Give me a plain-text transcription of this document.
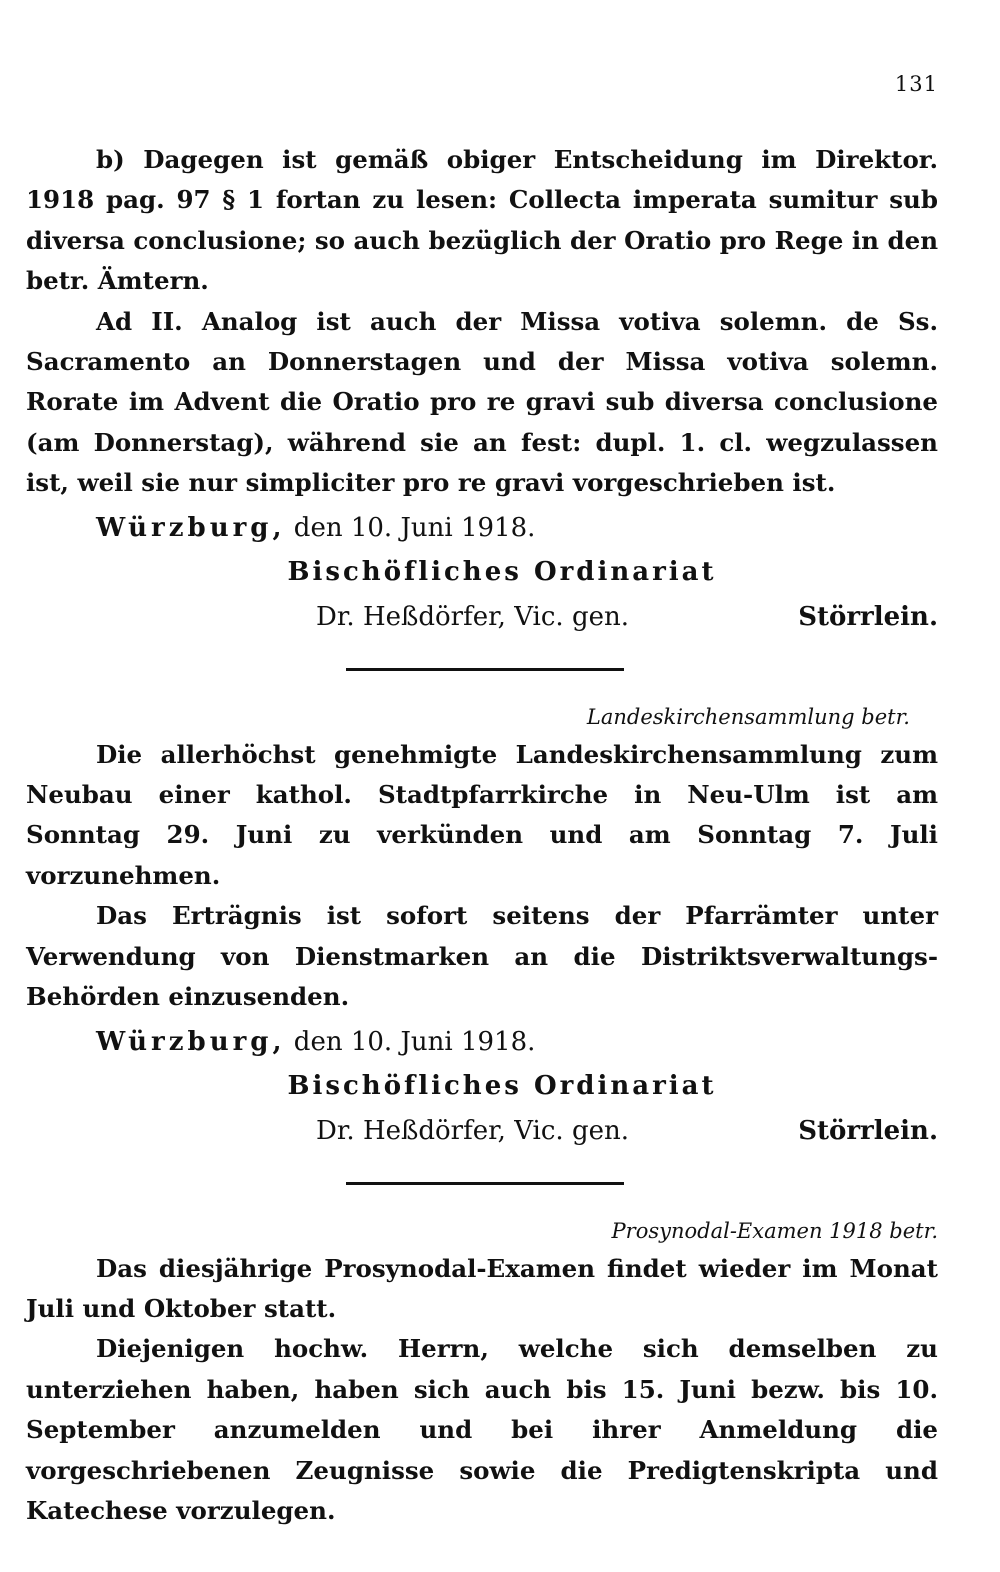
131

b) Dagegen ist gemäß obiger Entscheidung im Direktor. 1918 pag. 97 § 1 fortan zu lesen: Collecta imperata sumitur sub diversa conclusione; so auch bezüglich der Oratio pro Rege in den betr. Ämtern.

Ad II. Analog ist auch der Missa votiva solemn. de Ss. Sacramento an Donnerstagen und der Missa votiva solemn. Rorate im Advent die Oratio pro re gravi sub diversa conclusione (am Donnerstag), während sie an fest: dupl. 1. cl. wegzulassen ist, weil sie nur simpliciter pro re gravi vorgeschrieben ist.

Würzburg, den 10. Juni 1918.
Bischöfliches Ordinariat
Dr. Heßdörfer, Vic. gen.	Störrlein.
Landeskirchensammlung betr.

Die allerhöchst genehmigte Landeskirchensammlung zum Neubau einer kathol. Stadtpfarrkirche in Neu-Ulm ist am Sonntag 29. Juni zu verkünden und am Sonntag 7. Juli vorzunehmen.

Das Erträgnis ist sofort seitens der Pfarrämter unter Verwendung von Dienstmarken an die Distriktsverwaltungs-Behörden einzusenden.

Würzburg, den 10. Juni 1918.
Bischöfliches Ordinariat
Dr. Heßdörfer, Vic. gen.	Störrlein.
Prosynodal-Examen 1918 betr.

Das diesjährige Prosynodal-Examen findet wieder im Monat Juli und Oktober statt.

Diejenigen hochw. Herrn, welche sich demselben zu unterziehen haben, haben sich auch bis 15. Juni bezw. bis 10. September anzumelden und bei ihrer Anmeldung die vorgeschriebenen Zeugnisse sowie die Predigtenskripta und Katechese vorzulegen.
